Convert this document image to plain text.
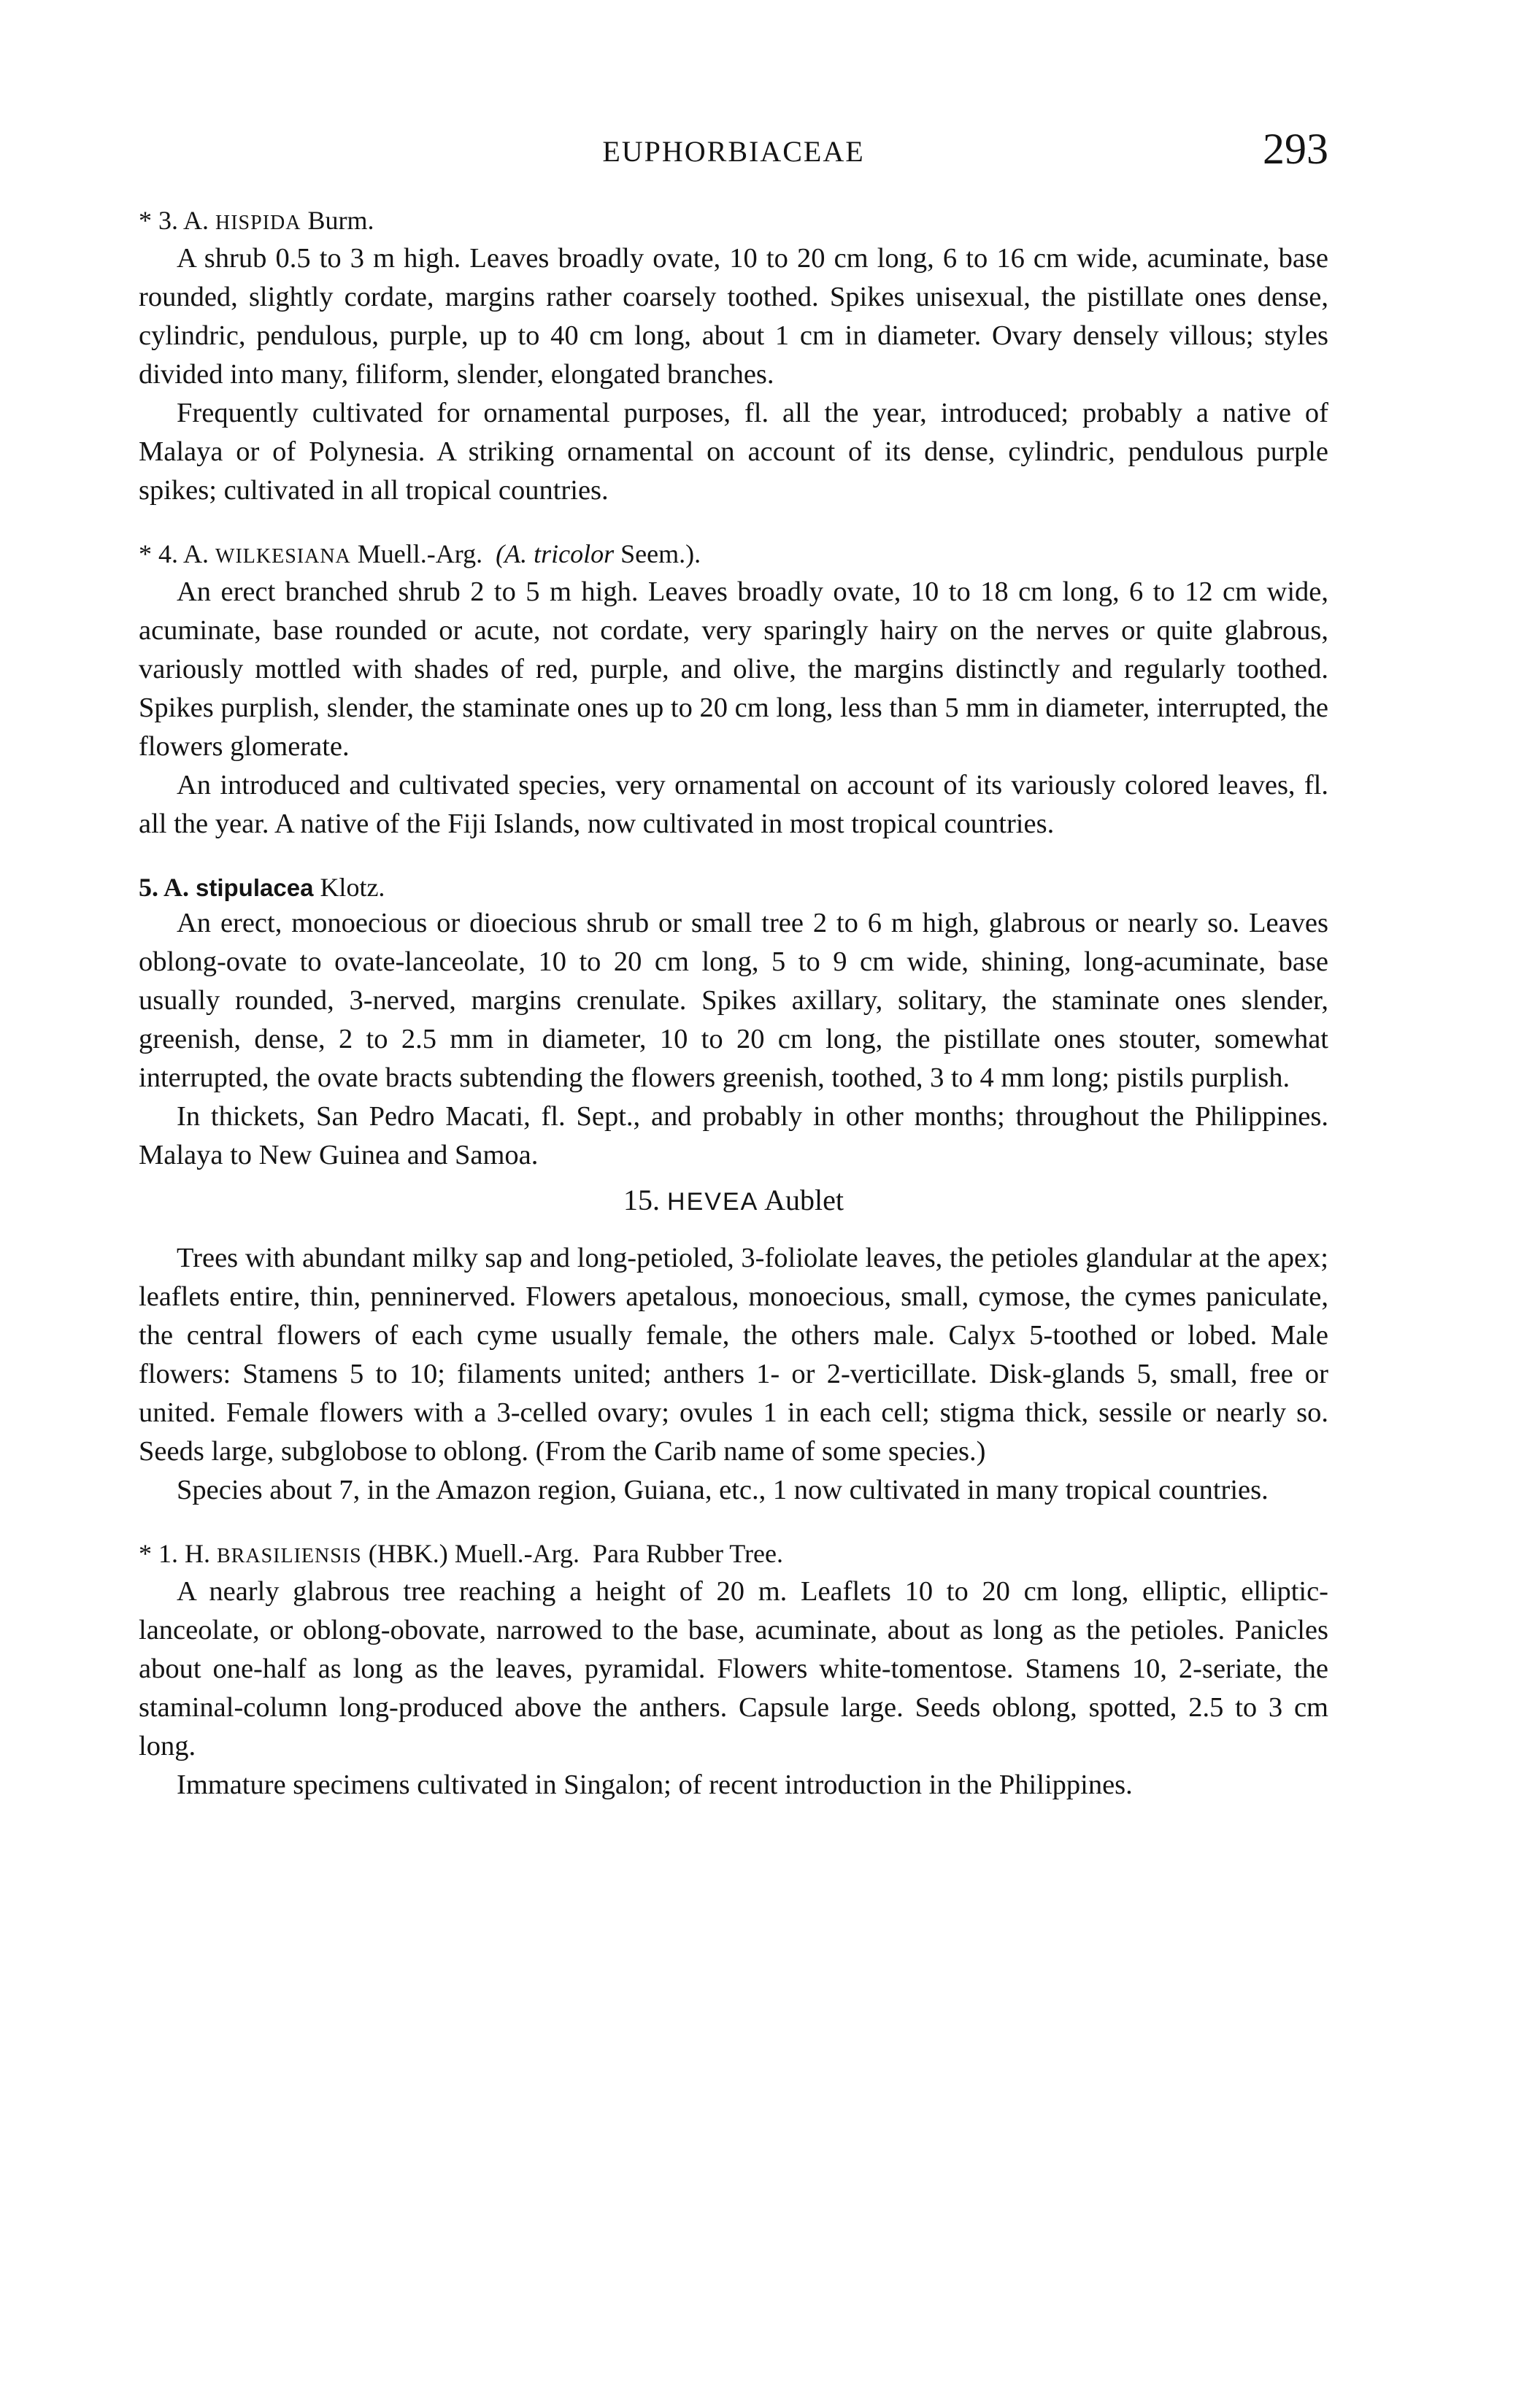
EUPHORBIACEAE	293

* 3. A. HISPIDA Burm.

A shrub 0.5 to 3 m high. Leaves broadly ovate, 10 to 20 cm long, 6 to 16 cm wide, acuminate, base rounded, slightly cordate, margins rather coarsely toothed. Spikes unisexual, the pistillate ones dense, cylindric, pendulous, purple, up to 40 cm long, about 1 cm in diameter. Ovary densely villous; styles divided into many, filiform, slender, elongated branches.

Frequently cultivated for ornamental purposes, fl. all the year, introduced; probably a native of Malaya or of Polynesia. A striking ornamental on account of its dense, cylindric, pendulous purple spikes; cultivated in all tropical countries.

* 4. A. WILKESIANA Muell.-Arg. (A. tricolor Seem.).

An erect branched shrub 2 to 5 m high. Leaves broadly ovate, 10 to 18 cm long, 6 to 12 cm wide, acuminate, base rounded or acute, not cordate, very sparingly hairy on the nerves or quite glabrous, variously mottled with shades of red, purple, and olive, the margins distinctly and regularly toothed. Spikes purplish, slender, the staminate ones up to 20 cm long, less than 5 mm in diameter, interrupted, the flowers glomerate.

An introduced and cultivated species, very ornamental on account of its variously colored leaves, fl. all the year. A native of the Fiji Islands, now cultivated in most tropical countries.

5. A. stipulacea Klotz.

An erect, monoecious or dioecious shrub or small tree 2 to 6 m high, glabrous or nearly so. Leaves oblong-ovate to ovate-lanceolate, 10 to 20 cm long, 5 to 9 cm wide, shining, long-acuminate, base usually rounded, 3-nerved, margins crenulate. Spikes axillary, solitary, the staminate ones slender, greenish, dense, 2 to 2.5 mm in diameter, 10 to 20 cm long, the pistillate ones stouter, somewhat interrupted, the ovate bracts subtending the flowers greenish, toothed, 3 to 4 mm long; pistils purplish.

In thickets, San Pedro Macati, fl. Sept., and probably in other months; throughout the Philippines. Malaya to New Guinea and Samoa.

15. HEVEA Aublet

Trees with abundant milky sap and long-petioled, 3-foliolate leaves, the petioles glandular at the apex; leaflets entire, thin, penninerved. Flowers apetalous, monoecious, small, cymose, the cymes paniculate, the central flowers of each cyme usually female, the others male. Calyx 5-toothed or lobed. Male flowers: Stamens 5 to 10; filaments united; anthers 1- or 2-verticillate. Disk-glands 5, small, free or united. Female flowers with a 3-celled ovary; ovules 1 in each cell; stigma thick, sessile or nearly so. Seeds large, subglobose to oblong. (From the Carib name of some species.)

Species about 7, in the Amazon region, Guiana, etc., 1 now cultivated in many tropical countries.

* 1. H. BRASILIENSIS (HBK.) Muell.-Arg. Para Rubber Tree.

A nearly glabrous tree reaching a height of 20 m. Leaflets 10 to 20 cm long, elliptic, elliptic-lanceolate, or oblong-obovate, narrowed to the base, acuminate, about as long as the petioles. Panicles about one-half as long as the leaves, pyramidal. Flowers white-tomentose. Stamens 10, 2-seriate, the staminal-column long-produced above the anthers. Capsule large. Seeds oblong, spotted, 2.5 to 3 cm long.

Immature specimens cultivated in Singalon; of recent introduction in the Philippines.
